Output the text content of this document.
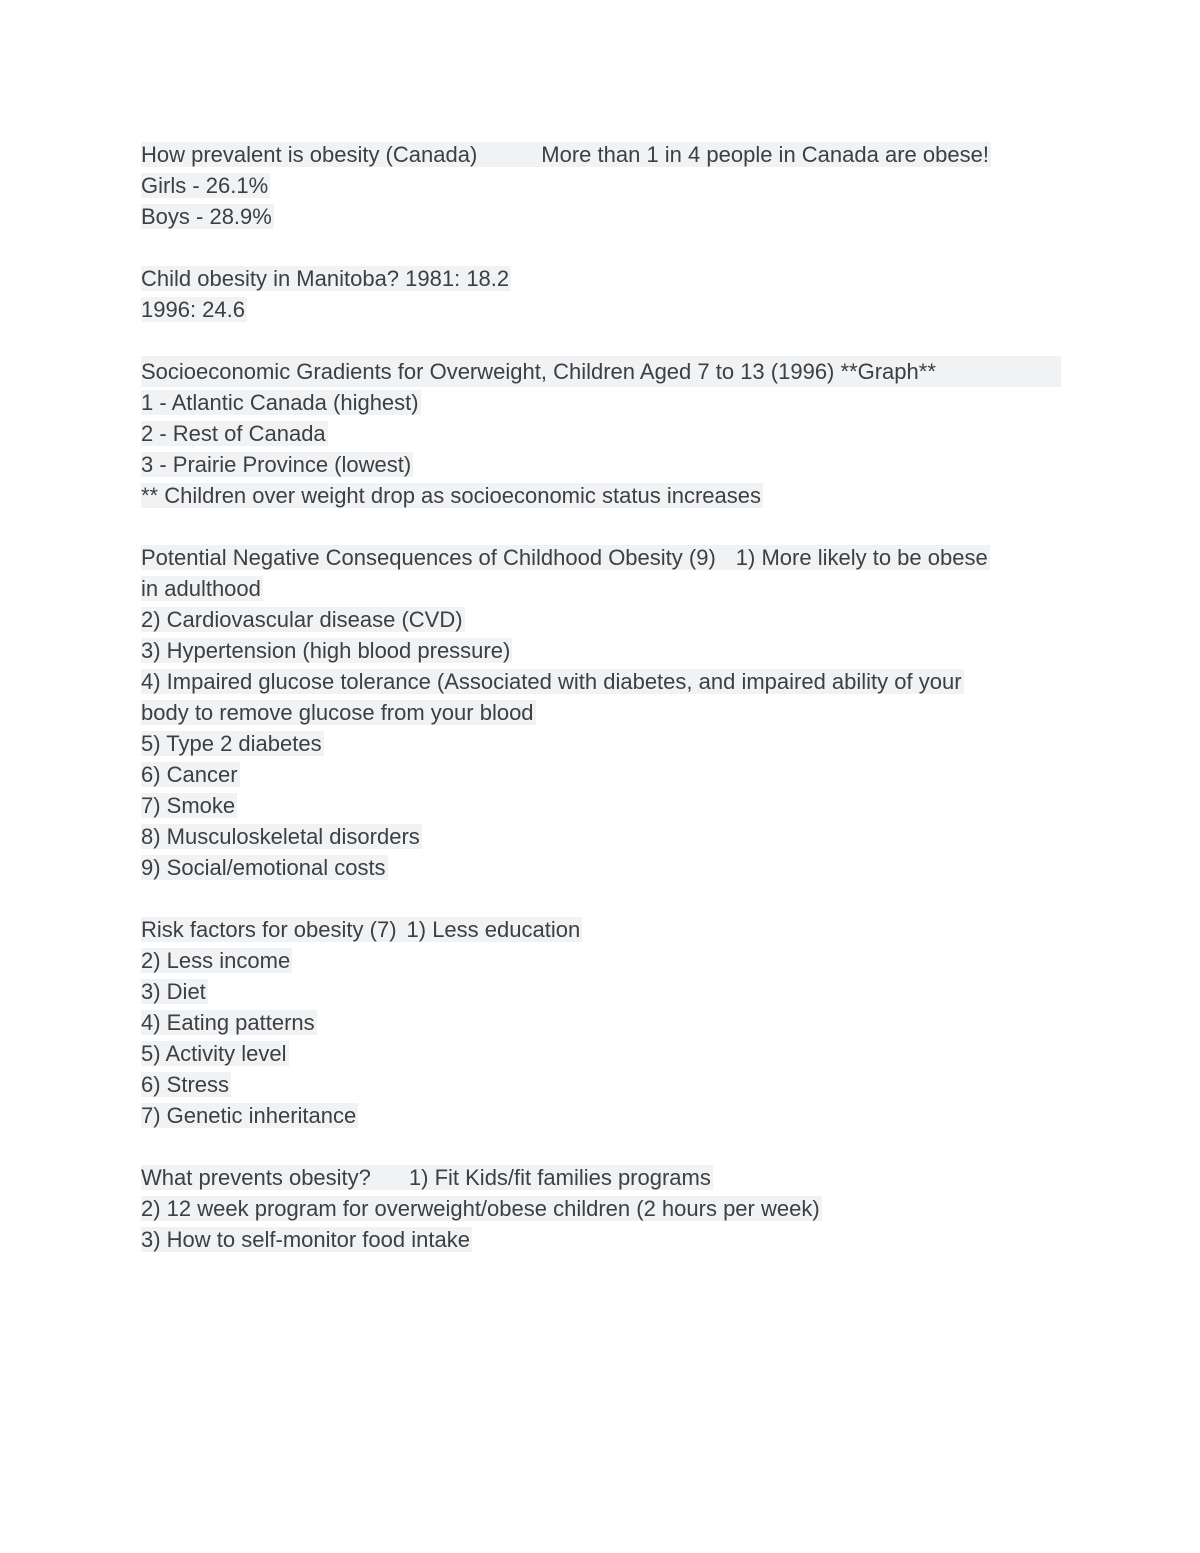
How prevalent is obesity (Canada)	More than 1 in 4 people in Canada are obese!
Girls - 26.1%
Boys - 28.9%
Child obesity in Manitoba? 1981: 18.2
1996: 24.6
Socioeconomic Gradients for Overweight, Children Aged 7 to 13 (1996) **Graph**
1 - Atlantic Canada (highest)
2 - Rest of Canada
3 - Prairie Province (lowest)
** Children over weight drop as socioeconomic status increases
Potential Negative Consequences of Childhood Obesity (9) 1) More likely to be obese
in adulthood
2) Cardiovascular disease (CVD)
3) Hypertension (high blood pressure)
4) Impaired glucose tolerance (Associated with diabetes, and impaired ability of your
body to remove glucose from your blood
5) Type 2 diabetes
6) Cancer
7) Smoke
8) Musculoskeletal disorders
9) Social/emotional costs
Risk factors for obesity (7) 1) Less education
2) Less income
3) Diet
4) Eating patterns
5) Activity level
6) Stress
7) Genetic inheritance
What prevents obesity? 1) Fit Kids/fit families programs
2) 12 week program for overweight/obese children (2 hours per week)
3) How to self-monitor food intake
